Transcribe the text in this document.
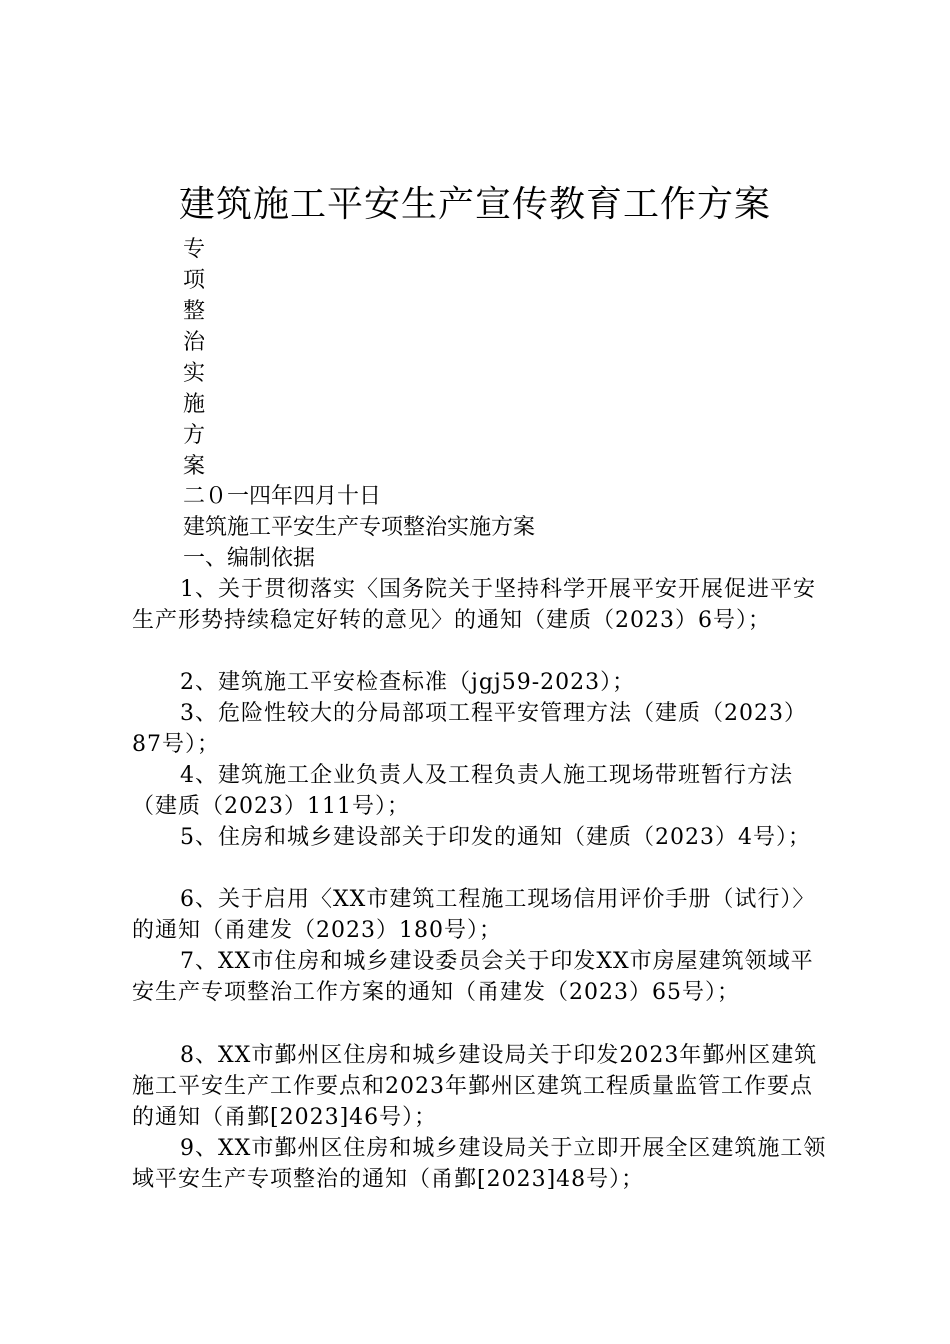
建筑施工平安生产宣传教育工作方案
专
项
整
治
实
施
方
案

二０一四年四月十日

建筑施工平安生产专项整治实施方案

一、编制依据

1、关于贯彻落实〈国务院关于坚持科学开展平安开展促进平安生产形势持续稳定好转的意见〉的通知（建质（2023）6号）；

2、建筑施工平安检查标准（jgj59-2023）；

3、危险性较大的分局部项工程平安管理方法（建质（2023）87号）；

4、建筑施工企业负责人及工程负责人施工现场带班暂行方法（建质（2023）111号）；

5、住房和城乡建设部关于印发的通知（建质（2023）4号）；

6、关于启用〈XX市建筑工程施工现场信用评价手册（试行）〉的通知（甬建发（2023）180号）；

7、XX市住房和城乡建设委员会关于印发XX市房屋建筑领域平安生产专项整治工作方案的通知（甬建发（2023）65号）；

8、XX市鄞州区住房和城乡建设局关于印发2023年鄞州区建筑施工平安生产工作要点和2023年鄞州区建筑工程质量监管工作要点的通知（甬鄞[2023]46号）；

9、XX市鄞州区住房和城乡建设局关于立即开展全区建筑施工领域平安生产专项整治的通知（甬鄞[2023]48号）；
